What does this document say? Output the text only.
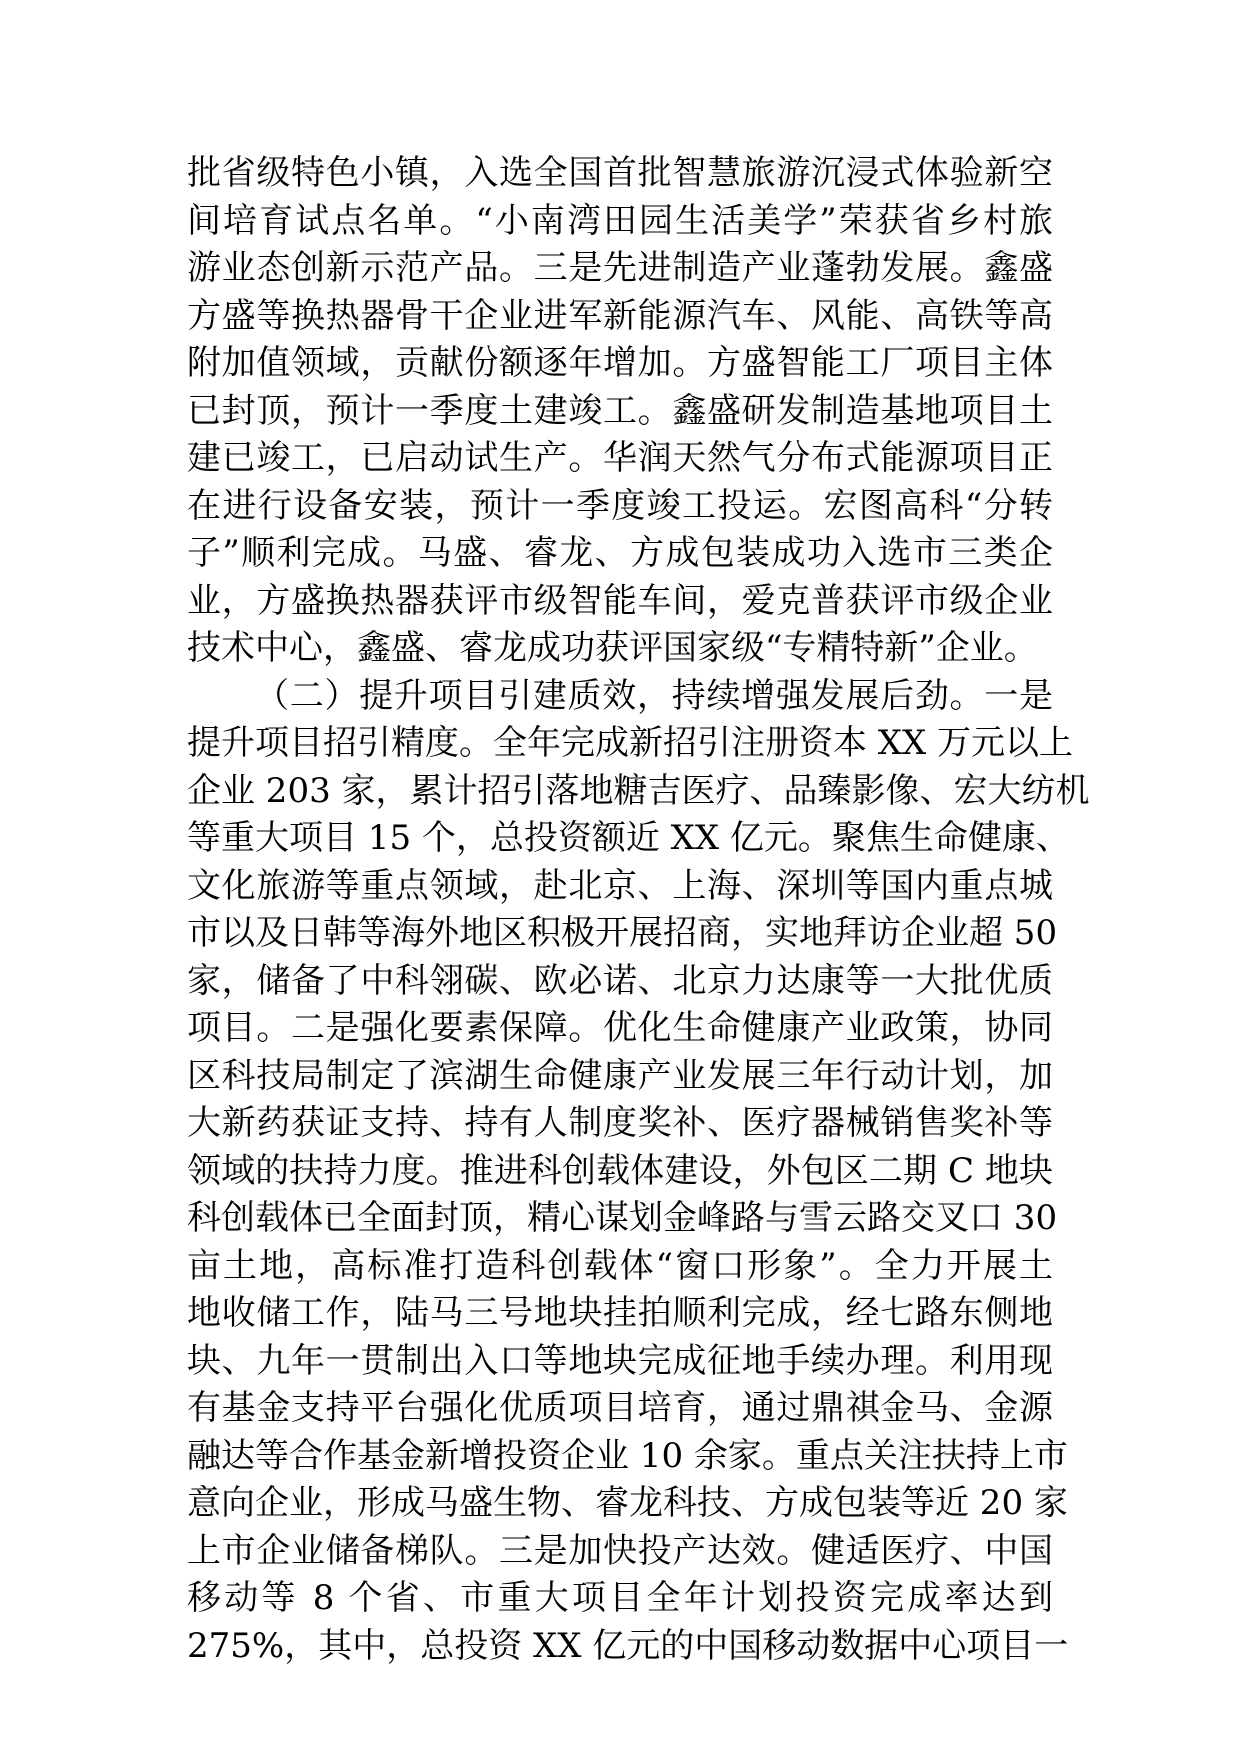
批省级特色小镇，入选全国首批智慧旅游沉浸式体验新空
间培育试点名单。“小南湾田园生活美学”荣获省乡村旅
游业态创新示范产品。三是先进制造产业蓬勃发展。鑫盛
方盛等换热器骨干企业进军新能源汽车、风能、高铁等高
附加值领域，贡献份额逐年增加。方盛智能工厂项目主体
已封顶，预计一季度土建竣工。鑫盛研发制造基地项目土
建已竣工，已启动试生产。华润天然气分布式能源项目正
在进行设备安装，预计一季度竣工投运。宏图高科“分转
子”顺利完成。马盛、睿龙、方成包装成功入选市三类企
业，方盛换热器获评市级智能车间，爱克普获评市级企业
技术中心，鑫盛、睿龙成功获评国家级“专精特新”企业。
（二）提升项目引建质效，持续增强发展后劲。一是
提升项目招引精度。全年完成新招引注册资本 XX 万元以上
企业 203 家，累计招引落地糖吉医疗、品臻影像、宏大纺机
等重大项目 15 个，总投资额近 XX 亿元。聚焦生命健康、
文化旅游等重点领域，赴北京、上海、深圳等国内重点城
市以及日韩等海外地区积极开展招商，实地拜访企业超 50
家，储备了中科翎碳、欧必诺、北京力达康等一大批优质
项目。二是强化要素保障。优化生命健康产业政策，协同
区科技局制定了滨湖生命健康产业发展三年行动计划，加
大新药获证支持、持有人制度奖补、医疗器械销售奖补等
领域的扶持力度。推进科创载体建设，外包区二期 C 地块
科创载体已全面封顶，精心谋划金峰路与雪云路交叉口 30
亩土地，高标准打造科创载体“窗口形象”。全力开展土
地收储工作，陆马三号地块挂拍顺利完成，经七路东侧地
块、九年一贯制出入口等地块完成征地手续办理。利用现
有基金支持平台强化优质项目培育，通过鼎祺金马、金源
融达等合作基金新增投资企业 10 余家。重点关注扶持上市
意向企业，形成马盛生物、睿龙科技、方成包装等近 20 家
上市企业储备梯队。三是加快投产达效。健适医疗、中国
移动等 8 个省、市重大项目全年计划投资完成率达到
275%，其中，总投资 XX 亿元的中国移动数据中心项目一
